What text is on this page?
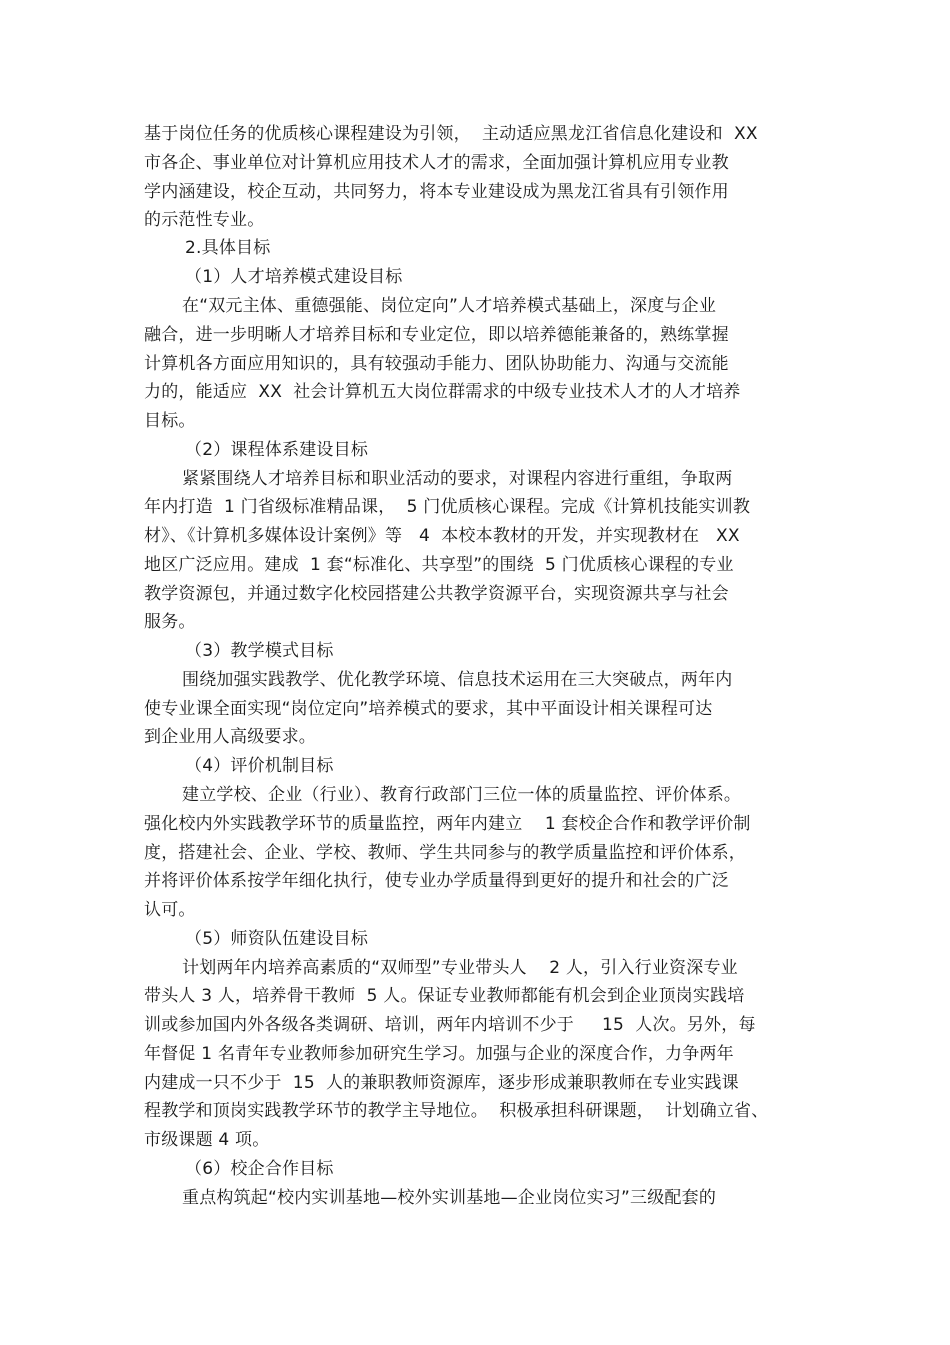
基于岗位任务的优质核心课程建设为引领，  主动适应黑龙江省信息化建设和  XX
市各企、事业单位对计算机应用技术人才的需求，全面加强计算机应用专业教
学内涵建设，校企互动，共同努力，将本专业建设成为黑龙江省具有引领作用
的示范性专业。
2.具体目标
（1）人才培养模式建设目标
在“双元主体、重德强能、岗位定向”人才培养模式基础上，深度与企业
融合，进一步明晰人才培养目标和专业定位，即以培养德能兼备的，熟练掌握
计算机各方面应用知识的，具有较强动手能力、团队协助能力、沟通与交流能
力的，能适应  XX  社会计算机五大岗位群需求的中级专业技术人才的人才培养
目标。
（2）课程体系建设目标
紧紧围绕人才培养目标和职业活动的要求，对课程内容进行重组，争取两
年内打造  1 门省级标准精品课，  5 门优质核心课程。完成《计算机技能实训教
材》、《计算机多媒体设计案例》等   4  本校本教材的开发，并实现教材在   XX
地区广泛应用。建成  1 套“标准化、共享型”的围绕  5 门优质核心课程的专业
教学资源包，并通过数字化校园搭建公共教学资源平台，实现资源共享与社会
服务。
（3）教学模式目标
围绕加强实践教学、优化教学环境、信息技术运用在三大突破点，两年内
使专业课全面实现“岗位定向”培养模式的要求，其中平面设计相关课程可达
到企业用人高级要求。
（4）评价机制目标
建立学校、企业（行业）、教育行政部门三位一体的质量监控、评价体系。
强化校内外实践教学环节的质量监控，两年内建立    1 套校企合作和教学评价制
度，搭建社会、企业、学校、教师、学生共同参与的教学质量监控和评价体系，
并将评价体系按学年细化执行，使专业办学质量得到更好的提升和社会的广泛
认可。
（5）师资队伍建设目标
计划两年内培养高素质的“双师型”专业带头人    2 人，引入行业资深专业
带头人 3 人，培养骨干教师  5 人。保证专业教师都能有机会到企业顶岗实践培
训或参加国内外各级各类调研、培训，两年内培训不少于     15  人次。另外，每
年督促 1 名青年专业教师参加研究生学习。加强与企业的深度合作，力争两年
内建成一只不少于  15  人的兼职教师资源库，逐步形成兼职教师在专业实践课
程教学和顶岗实践教学环节的教学主导地位。  积极承担科研课题，  计划确立省、
市级课题 4 项。
（6）校企合作目标
重点构筑起“校内实训基地—校外实训基地—企业岗位实习”三级配套的
